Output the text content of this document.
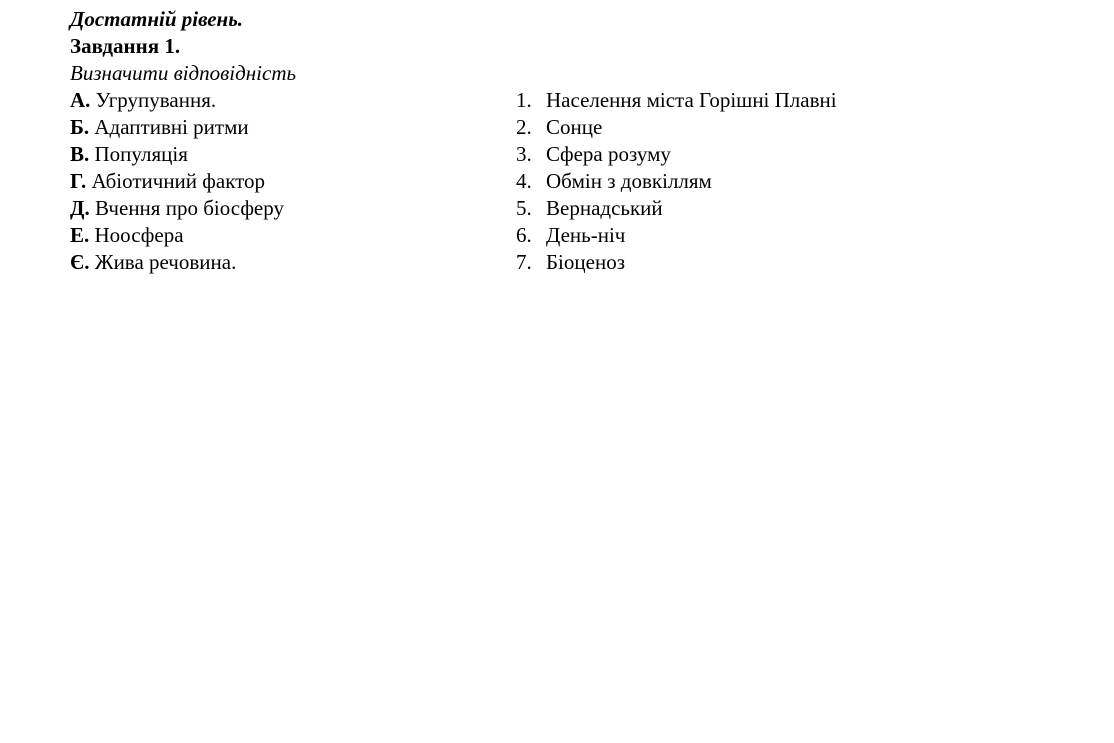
Достатній рівень.
Завдання 1.
Визначити відповідність
А. Угрупування.
Б. Адаптивні ритми
В. Популяція
Г. Абіотичний фактор
Д. Вчення про біосферу
Е. Ноосфера
Є. Жива речовина.
1. Населення міста Горішні Плавні
2. Сонце
3. Сфера розуму
4. Обмін з довкіллям
5. Вернадський
6. День-ніч
7. Біоценоз
